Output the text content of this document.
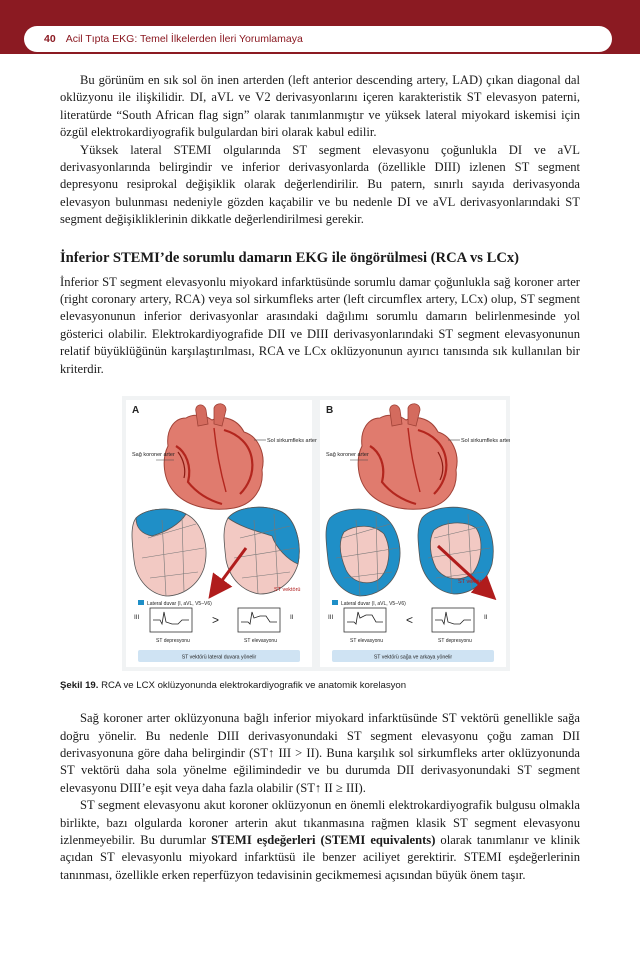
40 Acil Tıpta EKG: Temel İlkelerden İleri Yorumlamaya

Bu görünüm en sık sol ön inen arterden (left anterior descending artery, LAD) çıkan diagonal dal oklüzyonu ile ilişkilidir. DI, aVL ve V2 derivasyonlarını içeren karakteristik ST elevasyon paterni, literatürde “South African flag sign” olarak tanımlanmıştır ve yüksek lateral miyokard iskemisi için özgül elektrokardiyografik bulgulardan biri olarak kabul edilir.

Yüksek lateral STEMI olgularında ST segment elevasyonu çoğunlukla DI ve aVL derivasyonlarında belirgindir ve inferior derivasyonlarda (özellikle DIII) izlenen ST segment depresyonu resiprokal değişiklik olarak değerlendirilir. Bu patern, sınırlı sayıda derivasyonda elevasyon bulunması nedeniyle gözden kaçabilir ve bu nedenle DI ve aVL derivasyonlarındaki ST segment değişikliklerinin dikkatle değerlendirilmesi gerekir.

İnferior STEMI’de sorumlu damarın EKG ile öngörülmesi (RCA vs LCx)

İnferior ST segment elevasyonlu miyokard infarktüsünde sorumlu damar çoğunlukla sağ koroner arter (right coronary artery, RCA) veya sol sirkumfleks arter (left circumflex artery, LCx) olup, ST segment elevasyonunun inferior derivasyonlar arasındaki dağılımı sorumlu damarın belirlenmesinde yol gösterici olabilir. Elektrokardiyografide DII ve DIII derivasyonlarındaki ST segment elevasyonunun relatif büyüklüğünün karşılaştırılması, RCA ve LCx oklüzyonunun ayırıcı tanısında sık kullanılan bir kriterdir.

A
Sol sirkumfleks arter
Sağ koroner arter
ST vektörü
Lateral duvar (I, aVL, V5–V6)
III	>	II
ST depresyonu	ST elevasyonu
ST vektörü lateral duvara yönelir
B
Sol sirkumfleks arter
Sağ koroner arter
ST vektörü
Lateral duvar (I, aVL, V5–V6)
III	<	II
ST elevasyonu	ST depresyonu
ST vektörü sağa ve arkaya yönelir
Şekil 19. RCA ve LCX oklüzyonunda elektrokardiyografik ve anatomik korelasyon

Sağ koroner arter oklüzyonuna bağlı inferior miyokard infarktüsünde ST vektörü genellikle sağa doğru yönelir. Bu nedenle DIII derivasyonundaki ST segment elevasyonu çoğu zaman DII derivasyonuna göre daha belirgindir (ST↑ III > II). Buna karşılık sol sirkumfleks arter oklüzyonunda ST vektörü daha sola yönelme eğilimindedir ve bu durumda DII derivasyonundaki ST segment elevasyonu DIII’e eşit veya daha fazla olabilir (ST↑ II ≥ III).

ST segment elevasyonu akut koroner oklüzyonun en önemli elektrokardiyografik bulgusu olmakla birlikte, bazı olgularda koroner arterin akut tıkanmasına rağmen klasik ST segment elevasyonu izlenmeyebilir. Bu durumlar STEMI eşdeğerleri (STEMI equivalents) olarak tanımlanır ve klinik açıdan ST elevasyonlu miyokard infarktüsü ile benzer aciliyet gerektirir. STEMI eşdeğerlerinin tanınması, özellikle erken reperfüzyon tedavisinin gecikmemesi açısından büyük önem taşır.
